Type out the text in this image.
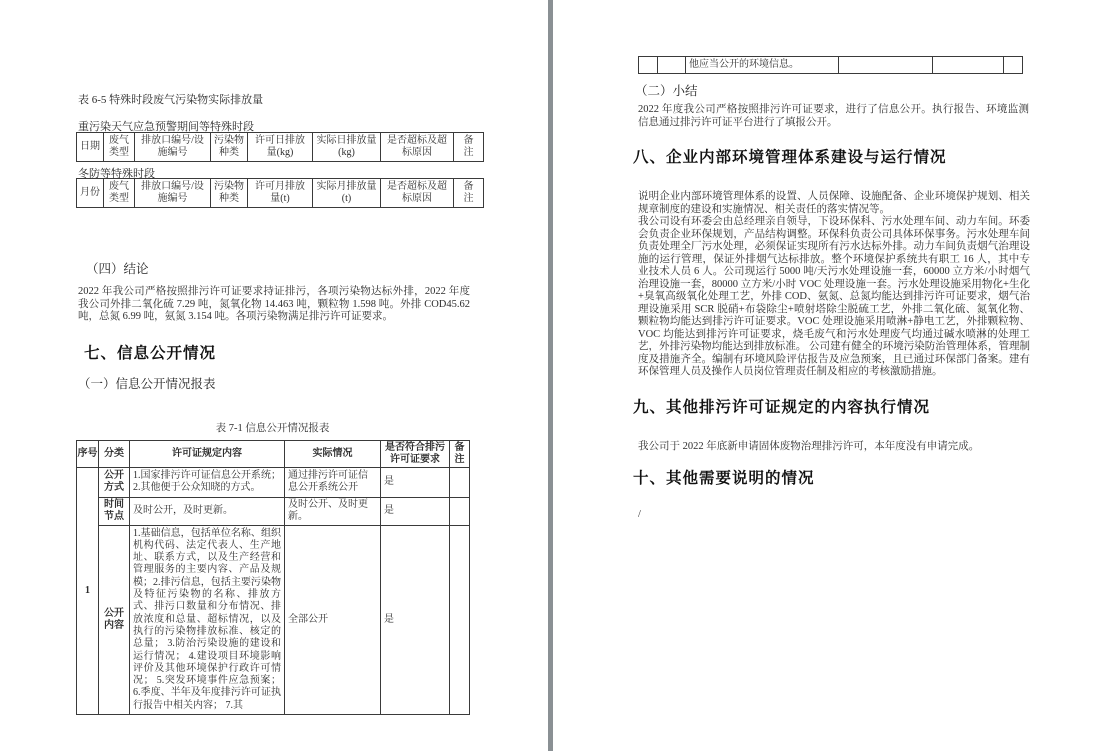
表 6-5 特殊时段废气污染物实际排放量
重污染天气应急预警期间等特殊时段
日期	废气类型	排放口编号/设施编号	污染物种类	许可日排放量(kg)	实际日排放量(kg)	是否超标及超标原因	备注
冬防等特殊时段
月份	废气类型	排放口编号/设施编号	污染物种类	许可月排放量(t)	实际月排放量(t)	是否超标及超标原因	备注
（四）结论
2022 年我公司严格按照排污许可证要求持证排污，各项污染物达标外排，2022 年度我公司外排二氧化硫 7.29 吨，氮氧化物 14.463 吨，颗粒物 1.598 吨。外排 COD45.62 吨，总氮 6.99 吨，氨氮 3.154 吨。各项污染物满足排污许可证要求。
七、信息公开情况
（一）信息公开情况报表
表 7-1 信息公开情况报表
序号	分类	许可证规定内容	实际情况	是否符合排污许可证要求	备注
1	公开方式	1.国家排污许可证信息公开系统；2.其他便于公众知晓的方式。	通过排污许可证信息公开系统公开	是	
	时间节点	及时公开，及时更新。	及时公开、及时更新。	是	
	公开内容	1.基础信息，包括单位名称、组织机构代码、法定代表人、生产地址、联系方式，以及生产经营和管理服务的主要内容、产品及规模；2.排污信息，包括主要污染物及特征污染物的名称、排放方式、排污口数量和分布情况、排放浓度和总量、超标情况，以及执行的污染物排放标准、核定的总量； 3.防治污染设施的建设和运行情况； 4.建设项目环境影响评价及其他环境保护行政许可情况； 5.突发环境事件应急预案； 6.季度、半年及年度排污许可证执行报告中相关内容； 7.其	全部公开	是	
		他应当公开的环境信息。			
（二）小结
2022 年度我公司严格按照排污许可证要求，进行了信息公开。执行报告、环境监测信息通过排污许可证平台进行了填报公开。
八、企业内部环境管理体系建设与运行情况
说明企业内部环境管理体系的设置、人员保障、设施配备、企业环境保护规划、相关规章制度的建设和实施情况、相关责任的落实情况等。
我公司设有环委会由总经理亲自领导，下设环保科、污水处理车间、动力车间。环委会负责企业环保规划，产品结构调整。环保科负责公司具体环保事务。污水处理车间负责处理全厂污水处理，必须保证实现所有污水达标外排。动力车间负责烟气治理设施的运行管理，保证外排烟气达标排放。整个环境保护系统共有职工 16 人，其中专业技术人员 6 人。公司现运行 5000 吨/天污水处理设施一套，60000 立方米/小时烟气治理设施一套，80000 立方米/小时 VOC 处理设施一套。污水处理设施采用物化+生化+臭氧高级氧化处理工艺，外排 COD、氨氮、总氮均能达到排污许可证要求，烟气治理设施采用 SCR 脱硝+布袋除尘+喷射塔除尘脱硫工艺，外排二氧化硫、氮氧化物、颗粒物均能达到排污许可证要求。VOC 处理设施采用喷淋+静电工艺，外排颗粒物、VOC 均能达到排污许可证要求，烧毛废气和污水处理废气均通过碱水喷淋的处理工艺，外排污染物均能达到排放标准。 公司建有健全的环境污染防治管理体系，管理制度及措施齐全。编制有环境风险评估报告及应急预案，且已通过环保部门备案。建有环保管理人员及操作人员岗位管理责任制及相应的考核激励措施。
九、其他排污许可证规定的内容执行情况
我公司于 2022 年底新申请固体废物治理排污许可，本年度没有申请完成。
十、其他需要说明的情况
/
